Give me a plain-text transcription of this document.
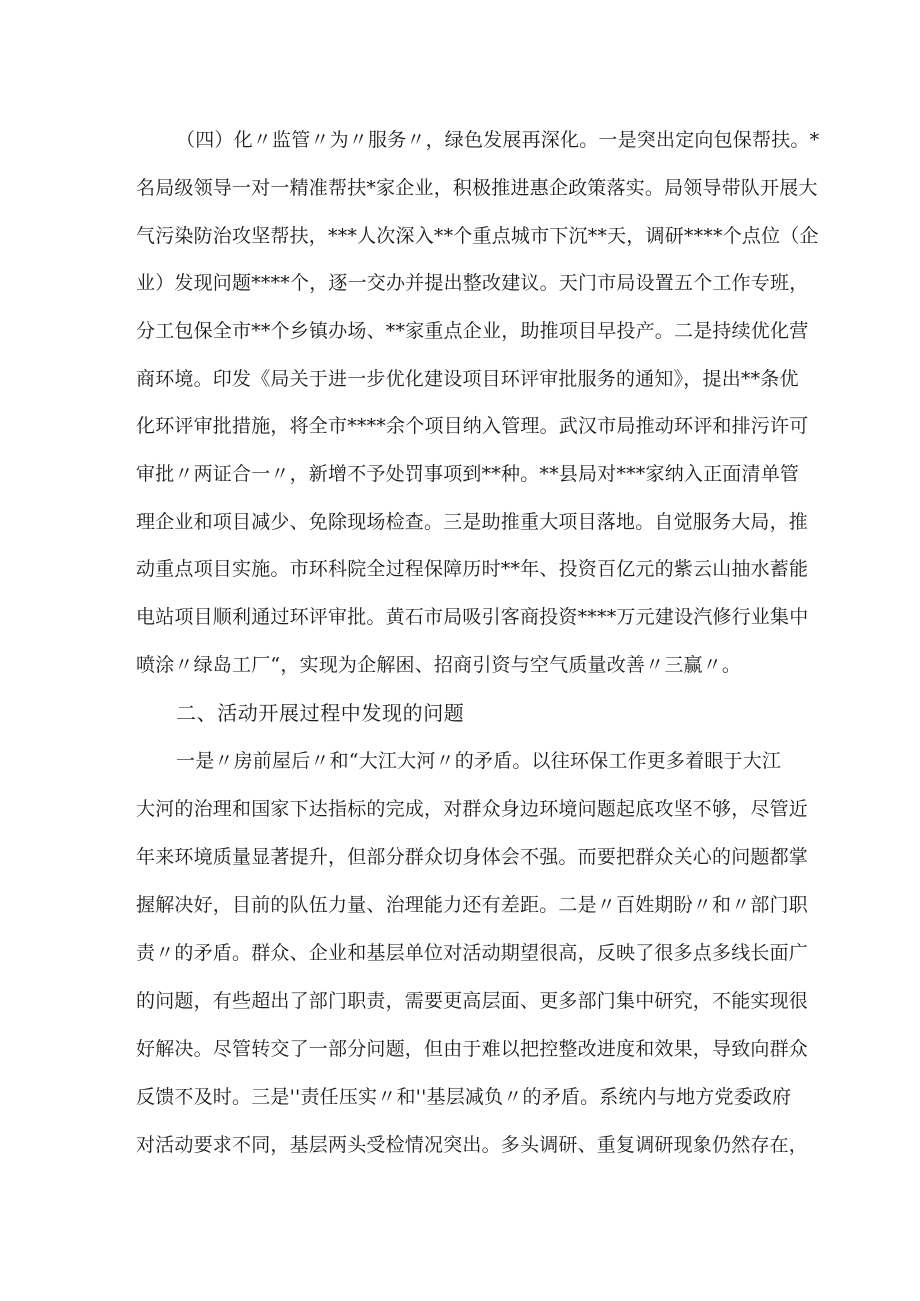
（四）化〃监管〃为〃服务〃，绿色发展再深化。一是突出定向包保帮扶。*
名局级领导一对一精准帮扶*家企业，积极推进惠企政策落实。局领导带队开展大
气污染防治攻坚帮扶，***人次深入**个重点城市下沉**天，调研****个点位（企
业）发现问题****个，逐一交办并提出整改建议。天门市局设置五个工作专班，
分工包保全市**个乡镇办场、**家重点企业，助推项目早投产。二是持续优化营
商环境。印发《局关于进一步优化建设项目环评审批服务的通知》，提出**条优
化环评审批措施，将全市****余个项目纳入管理。武汉市局推动环评和排污许可
审批〃两证合一〃，新增不予处罚事项到**种。**县局对***家纳入正面清单管
理企业和项目减少、免除现场检查。三是助推重大项目落地。自觉服务大局，推
动重点项目实施。市环科院全过程保障历时**年、投资百亿元的紫云山抽水蓄能
电站项目顺利通过环评审批。黄石市局吸引客商投资****万元建设汽修行业集中
喷涂〃绿岛工厂“，实现为企解困、招商引资与空气质量改善〃三赢〃。
二、活动开展过程中发现的问题
一是〃房前屋后〃和“大江大河〃的矛盾。以往环保工作更多着眼于大江
大河的治理和国家下达指标的完成，对群众身边环境问题起底攻坚不够，尽管近
年来环境质量显著提升，但部分群众切身体会不强。而要把群众关心的问题都掌
握解决好，目前的队伍力量、治理能力还有差距。二是〃百姓期盼〃和〃部门职
责〃的矛盾。群众、企业和基层单位对活动期望很高，反映了很多点多线长面广
的问题，有些超出了部门职责，需要更高层面、更多部门集中研究，不能实现很
好解决。尽管转交了一部分问题，但由于难以把控整改进度和效果，导致向群众
反馈不及时。三是''责任压实〃和''基层减负〃的矛盾。系统内与地方党委政府
对活动要求不同，基层两头受检情况突出。多头调研、重复调研现象仍然存在，
